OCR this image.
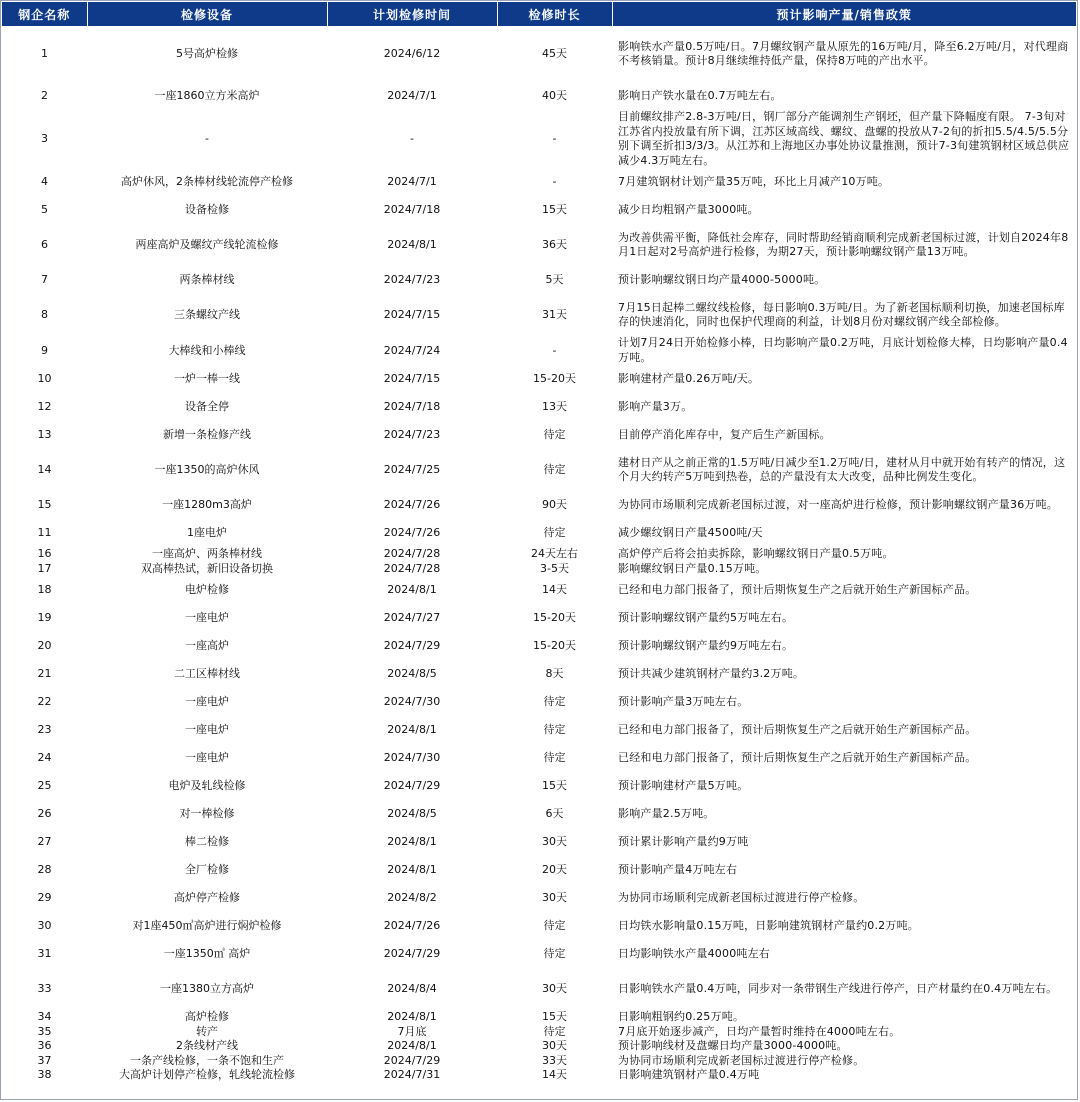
钢企名称	检修设备	计划检修时间	检修时长	预计影响产量/销售政策
1	5号高炉检修	2024/6/12	45天	影响铁水产量0.5万吨/日。7月螺纹钢产量从原先的16万吨/月，降至6.2万吨/月，对代理商不考核销量。预计8月继续维持低产量，保持8万吨的产出水平。
2	一座1860立方米高炉	2024/7/1	40天	影响日产铁水量在0.7万吨左右。
3	-	-	-	目前螺纹排产2.8-3万吨/日，钢厂部分产能调剂生产钢坯，但产量下降幅度有限。 7-3旬对江苏省内投放量有所下调，江苏区域高线、螺纹、盘螺的投放从7-2旬的折扣5.5/4.5/5.5分别下调至折扣3/3/3。从江苏和上海地区办事处协议量推测，预计7-3旬建筑钢材区域总供应减少4.3万吨左右。
4	高炉休风，2条棒材线轮流停产检修	2024/7/1	-	7月建筑钢材计划产量35万吨，环比上月减产10万吨。
5	设备检修	2024/7/18	15天	减少日均粗钢产量3000吨。
6	两座高炉及螺纹产线轮流检修	2024/8/1	36天	为改善供需平衡，降低社会库存，同时帮助经销商顺利完成新老国标过渡，计划自2024年8月1日起对2号高炉进行检修，为期27天，预计影响螺纹钢产量13万吨。
7	两条棒材线	2024/7/23	5天	预计影响螺纹钢日均产量4000-5000吨。
8	三条螺纹产线	2024/7/15	31天	7月15日起棒二螺纹线检修，每日影响0.3万吨/日。为了新老国标顺利切换，加速老国标库存的快速消化，同时也保护代理商的利益，计划8月份对螺纹钢产线全部检修。
9	大棒线和小棒线	2024/7/24	-	计划7月24日开始检修小棒，日均影响产量0.2万吨，月底计划检修大棒，日均影响产量0.4万吨。
10	一炉一棒一线	2024/7/15	15-20天	影响建材产量0.26万吨/天。
12	设备全停	2024/7/18	13天	影响产量3万。
13	新增一条检修产线	2024/7/23	待定	目前停产消化库存中，复产后生产新国标。
14	一座1350的高炉休风	2024/7/25	待定	建材日产从之前正常的1.5万吨/日减少至1.2万吨/日，建材从月中就开始有转产的情况，这个月大约转产5万吨到热卷，总的产量没有太大改变，品种比例发生变化。
15	一座1280m3高炉	2024/7/26	90天	为协同市场顺利完成新老国标过渡，对一座高炉进行检修，预计影响螺纹钢产量36万吨。
11	1座电炉	2024/7/26	待定	减少螺纹钢日产量4500吨/天
16	一座高炉、两条棒材线	2024/7/28	24天左右	高炉停产后将会拍卖拆除，影响螺纹钢日产量0.5万吨。
17	双高棒热试，新旧设备切换	2024/7/28	3-5天	影响螺纹钢日产量0.15万吨。
18	电炉检修	2024/8/1	14天	已经和电力部门报备了，预计后期恢复生产之后就开始生产新国标产品。
19	一座电炉	2024/7/27	15-20天	预计影响螺纹钢产量约5万吨左右。
20	一座高炉	2024/7/29	15-20天	预计影响螺纹钢产量约9万吨左右。
21	二工区棒材线	2024/8/5	8天	预计共减少建筑钢材产量约3.2万吨。
22	一座电炉	2024/7/30	待定	预计影响产量3万吨左右。
23	一座电炉	2024/8/1	待定	已经和电力部门报备了，预计后期恢复生产之后就开始生产新国标产品。
24	一座电炉	2024/7/30	待定	已经和电力部门报备了，预计后期恢复生产之后就开始生产新国标产品。
25	电炉及轧线检修	2024/7/29	15天	预计影响建材产量5万吨。
26	对一棒检修	2024/8/5	6天	影响产量2.5万吨。
27	棒二检修	2024/8/1	30天	预计累计影响产量约9万吨
28	全厂检修	2024/8/1	20天	预计影响产量4万吨左右
29	高炉停产检修	2024/8/2	30天	为协同市场顺利完成新老国标过渡进行停产检修。
30	对1座450㎥高炉进行焖炉检修	2024/7/26	待定	日均铁水影响量0.15万吨，日影响建筑钢材产量约0.2万吨。
31	一座1350㎥ 高炉	2024/7/29	待定	日均影响铁水产量4000吨左右
33	一座1380立方高炉	2024/8/4	30天	日影响铁水产量0.4万吨，同步对一条带钢生产线进行停产，日产材量约在0.4万吨左右。
34	高炉检修	2024/8/1	15天	日影响粗钢约0.25万吨。
35	转产	7月底	待定	7月底开始逐步减产，日均产量暂时维持在4000吨左右。
36	2条线材产线	2024/8/1	30天	预计影响线材及盘螺日均产量3000-4000吨。
37	一条产线检修，一条不饱和生产	2024/7/29	33天	为协同市场顺利完成新老国标过渡进行停产检修。
38	大高炉计划停产检修，轧线轮流检修	2024/7/31	14天	日影响建筑钢材产量0.4万吨
